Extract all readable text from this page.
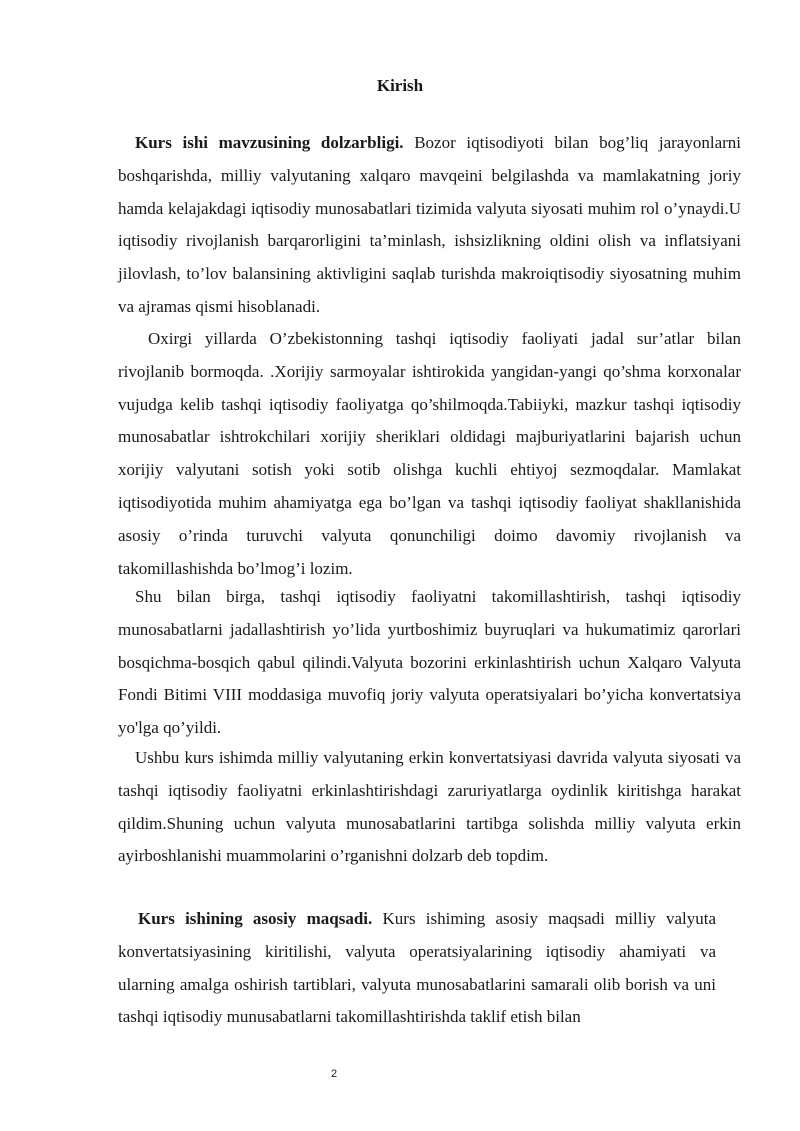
Kirish

Kurs ishi mavzusining dolzarbligi. Bozor iqtisodiyoti bilan bog’liq jarayonlarni boshqarishda, milliy valyutaning xalqaro mavqeini belgilashda va mamlakatning joriy hamda kelajakdagi iqtisodiy munosabatlari tizimida valyuta siyosati muhim rol o’ynaydi.U iqtisodiy rivojlanish barqarorligini ta’minlash, ishsizlikning oldini olish va inflatsiyani jilovlash, to’lov balansining aktivligini saqlab turishda makroiqtisodiy siyosatning muhim va ajramas qismi hisoblanadi.

Oxirgi yillarda O’zbekistonning tashqi iqtisodiy faoliyati jadal sur’atlar bilan rivojlanib bormoqda. .Xorijiy sarmoyalar ishtirokida yangidan-yangi qo’shma korxonalar vujudga kelib tashqi iqtisodiy faoliyatga qo’shilmoqda.Tabiiyki, mazkur tashqi iqtisodiy munosabatlar ishtrokchilari xorijiy sheriklari oldidagi majburiyatlarini bajarish uchun xorijiy valyutani sotish yoki sotib olishga kuchli ehtiyoj sezmoqdalar. Mamlakat iqtisodiyotida muhim ahamiyatga ega bo’lgan va tashqi iqtisodiy faoliyat shakllanishida asosiy o’rinda turuvchi valyuta qonunchiligi doimo davomiy rivojlanish va takomillashishda bo’lmog’i lozim.

Shu bilan birga, tashqi iqtisodiy faoliyatni takomillashtirish, tashqi iqtisodiy munosabatlarni jadallashtirish yo’lida yurtboshimiz buyruqlari va hukumatimiz qarorlari bosqichma-bosqich qabul qilindi.Valyuta bozorini erkinlashtirish uchun Xalqaro Valyuta Fondi Bitimi VIII moddasiga muvofiq joriy valyuta operatsiyalari bo’yicha konvertatsiya yo'lga qo’yildi.

Ushbu kurs ishimda milliy valyutaning erkin konvertatsiyasi davrida valyuta siyosati va tashqi iqtisodiy faoliyatni erkinlashtirishdagi zaruriyatlarga oydinlik kiritishga harakat qildim.Shuning uchun valyuta munosabatlarini tartibga solishda milliy valyuta erkin ayirboshlanishi muammolarini o’rganishni dolzarb deb topdim.

Kurs ishining asosiy maqsadi. Kurs ishiming asosiy maqsadi milliy valyuta konvertatsiyasining kiritilishi, valyuta operatsiyalarining iqtisodiy ahamiyati va ularning amalga oshirish tartiblari, valyuta munosabatlarini samarali olib borish va uni tashqi iqtisodiy munusabatlarni takomillashtirishda taklif etish bilan

2
